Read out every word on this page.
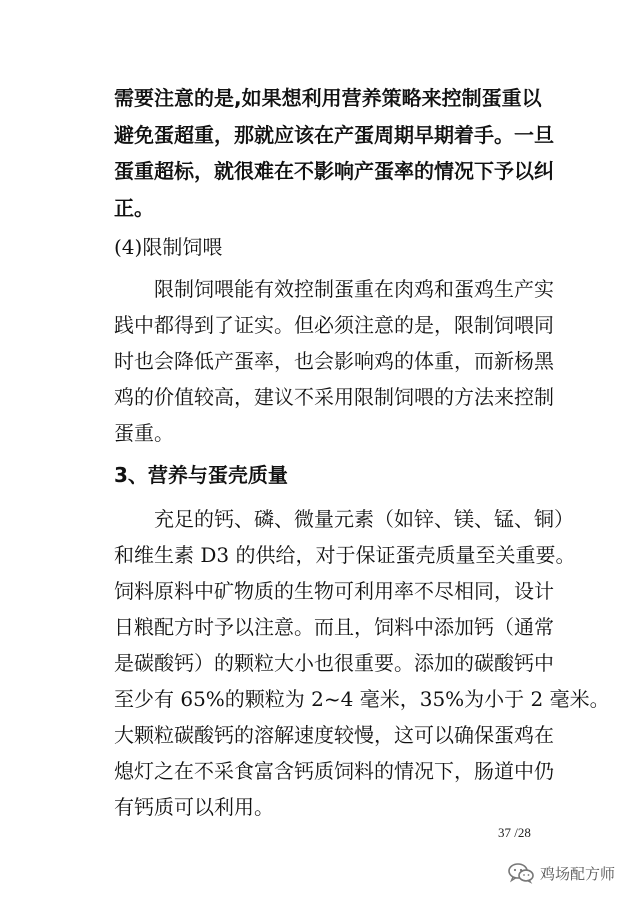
需要注意的是,如果想利用营养策略来控制蛋重以
避免蛋超重，那就应该在产蛋周期早期着手。一旦
蛋重超标，就很难在不影响产蛋率的情况下予以纠
正。
(4)限制饲喂
限制饲喂能有效控制蛋重在肉鸡和蛋鸡生产实
践中都得到了证实。但必须注意的是，限制饲喂同
时也会降低产蛋率，也会影响鸡的体重，而新杨黑
鸡的价值较高，建议不采用限制饲喂的方法来控制
蛋重。
3、营养与蛋壳质量
充足的钙、磷、微量元素（如锌、镁、锰、铜）
和维生素 D3 的供给，对于保证蛋壳质量至关重要。
饲料原料中矿物质的生物可利用率不尽相同，设计
日粮配方时予以注意。而且，饲料中添加钙（通常
是碳酸钙）的颗粒大小也很重要。添加的碳酸钙中
至少有 65%的颗粒为 2~4 毫米，35%为小于 2 毫米。
大颗粒碳酸钙的溶解速度较慢，这可以确保蛋鸡在
熄灯之在不采食富含钙质饲料的情况下，肠道中仍
有钙质可以利用。
37 /28
鸡场配方师
